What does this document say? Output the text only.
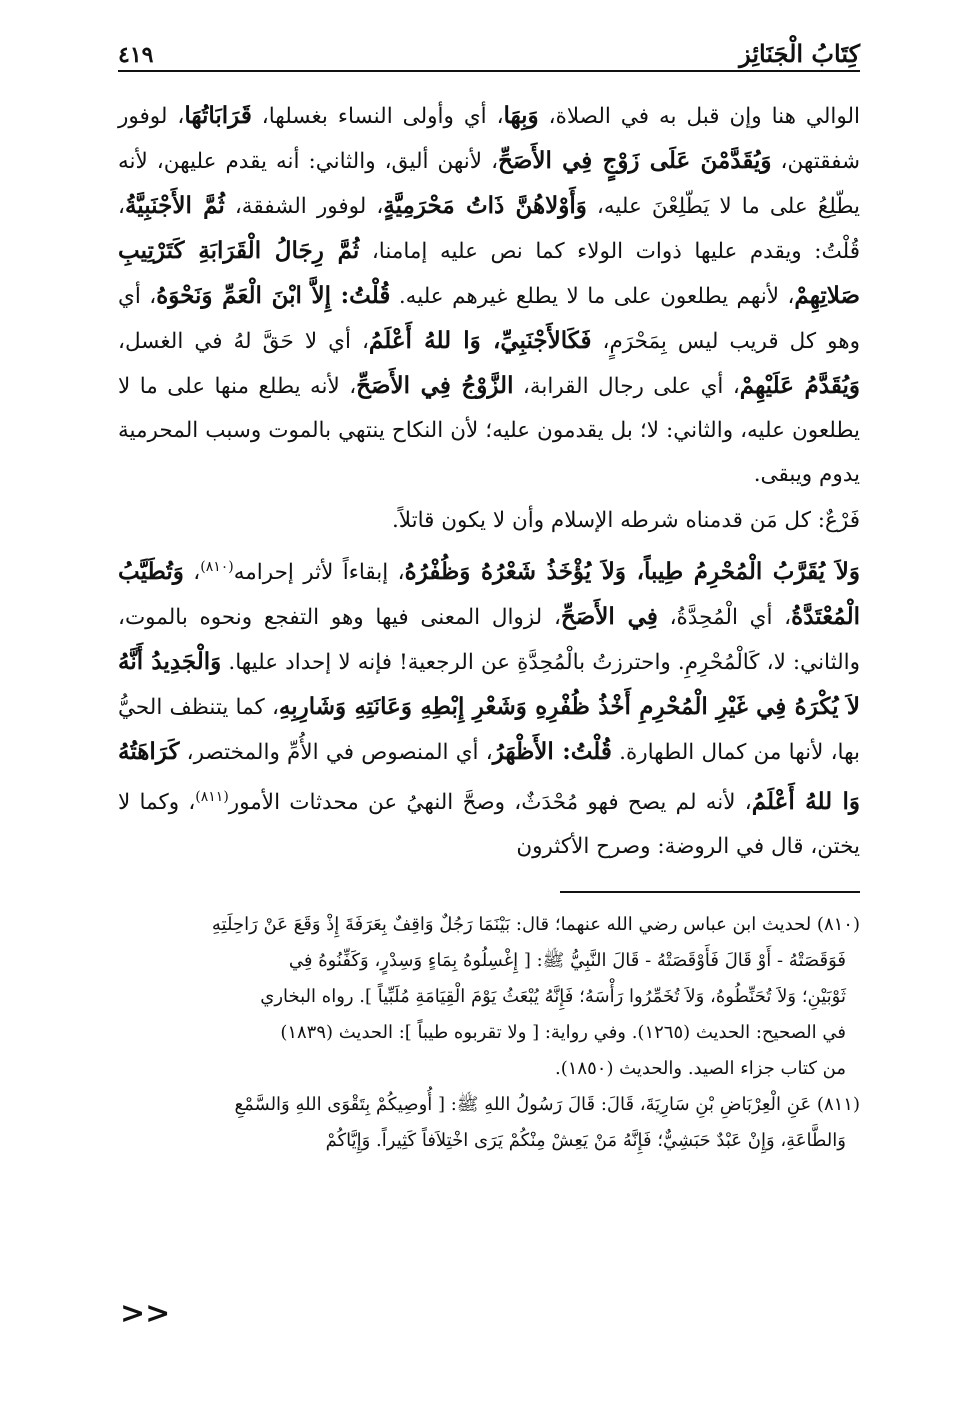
كِتَابُ الْجَنَائِز
٤١٩

الوالي هنا وإن قبل به في الصلاة، وَبِهَا، أي وأولى النساء بغسلها، قَرَابَاتُهَا، لوفور شفقتهن، وَيُقَدَّمْنَ عَلَى زَوْجٍ فِي الأَصَحِّ، لأنهن أليق، والثاني: أنه يقدم عليهن، لأنه يطّلِعُ على ما لا يَطّلِعْنَ عليه، وَأَوْلاهُنَّ ذَاتُ مَحْرَمِيَّةٍ، لوفور الشفقة، ثُمَّ الأَجْنَبِيَّةُ، قُلْتُ: ويقدم عليها ذوات الولاء كما نص عليه إمامنا، ثُمَّ رِجَالُ الْقَرَابَةِ كَتَرْتِيبِ صَلاتِهِمْ، لأنهم يطلعون على ما لا يطلع غيرهم عليه. قُلْتُ: إِلاَّ ابْنَ الْعَمِّ وَنَحْوَهُ، أي وهو كل قريب ليس بِمَحْرَمٍ، فَكَالأَجْنَبِيِّ، وَا للهُ أَعْلَمُ، أي لا حَقَّ لهُ في الغسل، وَيُقَدَّمُ عَلَيْهِمْ، أي على رجال القرابة، الزَّوْجُ فِي الأَصَحِّ، لأنه يطلع منها على ما لا يطلعون عليه، والثاني: لا؛ بل يقدمون عليه؛ لأن النكاح ينتهي بالموت وسبب المحرمية يدوم ويبقى.

فَرْعٌ: كل مَن قدمناه شرطه الإسلام وأن لا يكون قاتلاً.

وَلاَ يُقَرَّبُ الْمُحْرِمُ طِيباً، وَلاَ يُؤْخَذُ شَعْرُهُ وَظُفْرُهُ، إبقاءاً لأثر إحرامه$^{(٨١٠)}$، وَتُطَيَّبُ الْمُعْتَدَّةُ، أي الْمُحِدَّةُ، فِي الأَصَحِّ، لزوال المعنى فيها وهو التفجع ونحوه بالموت، والثاني: لا، كَالْمُحْرِمِ. واحترزتُ بالْمُحِدَّةِ عن الرجعية! فإنه لا إحداد عليها. وَالْجَدِيدُ أَنَّهُ لاَ يُكْرَهُ فِي غَيْرِ الْمُحْرِمِ أَخْذُ ظُفْرِهِ وَشَعْرِ إِبْطِهِ وَعَانَتِهِ وَشَارِبِهِ، كما يتنظف الحيُّ بها، لأنها من كمال الطهارة. قُلْتُ: الأَظْهَرُ، أي المنصوص في الأُمِّ والمختصر، كَرَاهَتُهُ وَا للهُ أَعْلَمُ، لأنه لم يصح فهو مُحْدَثٌ، وصحَّ النهيُ عن محدثات الأمور$^{(٨١١)}$، وكما لا يختن، قال في الروضة: وصرح الأكثرون

(٨١٠) لحديث ابن عباس رضي الله عنهما؛ قال: بَيْنَمَا رَجُلٌ وَاقِفٌ بِعَرَفَةَ إِذْ وَقَعَ عَنْ رَاحِلَتِهِ

فَوَقَصَتْهُ - أَوْ قَالَ فَأَوْقَصَتْهُ - قَالَ النَّبِيُّ ﷺ: [ إِغْسِلُوهُ بِمَاءٍ وَسِدْرٍ، وَكَفِّنُوهُ فِي

ثَوْبَيْنِ؛ وَلاَ تُحَنِّطُوهُ، وَلاَ تُخَمِّرُوا رَأْسَهُ؛ فَإِنَّهُ يُبْعَثُ يَوْمَ الْقِيَامَةِ مُلَبِّياً ]. رواه البخاري

في الصحيح: الحديث (١٢٦٥). وفي رواية: [ ولا تقربوه طيباً ]: الحديث (١٨٣٩)

من كتاب جزاء الصيد. والحديث (١٨٥٠).

(٨١١) عَنِ الْعِرْبَاضِ بْنِ سَارِيَةَ، قَالَ: قَالَ رَسُولُ اللهِ ﷺ: [ أُوصِيكُمْ بِتَقْوَى اللهِ وَالسَّمْعِ

وَالطَّاعَةِ، وَإِنْ عَبْدٌ حَبَشِيٌّ؛ فَإِنَّهُ مَنْ يَعِشْ مِنْكُمْ يَرَى اخْتِلاَفاً كَثِيراً. وَإِيَّاكُمْ

<<
